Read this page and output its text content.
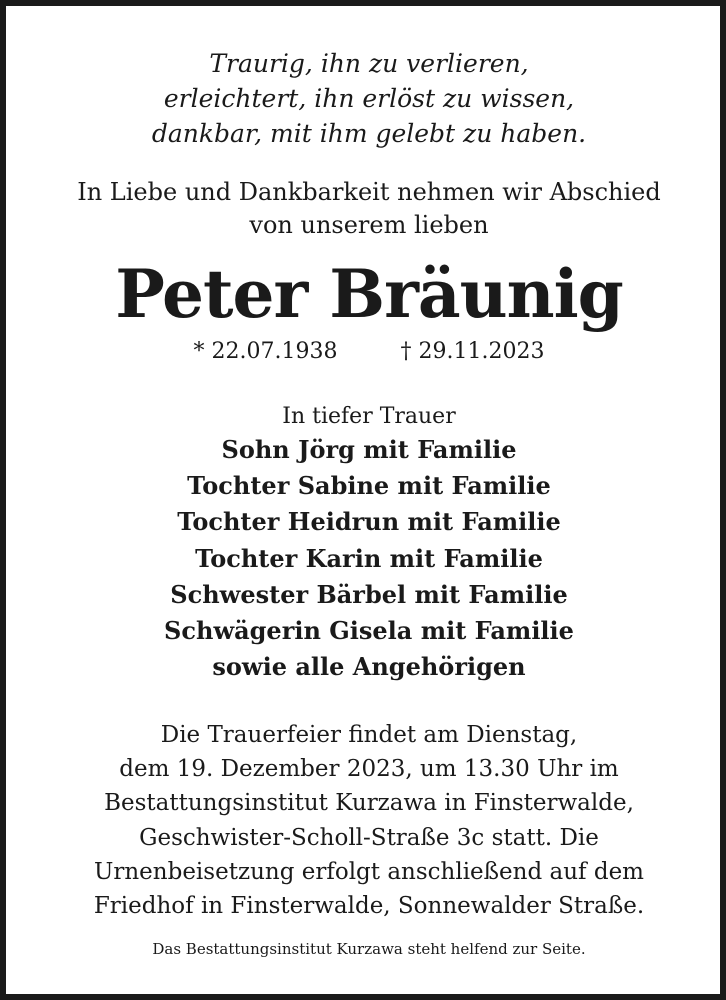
Traurig, ihn zu verlieren,
erleichtert, ihn erlöst zu wissen,
dankbar, mit ihm gelebt zu haben.
In Liebe und Dankbarkeit nehmen wir Abschied
von unserem lieben
Peter Bräunig
* 22.07.1938	† 29.11.2023
In tiefer Trauer
Sohn Jörg mit Familie
Tochter Sabine mit Familie
Tochter Heidrun mit Familie
Tochter Karin mit Familie
Schwester Bärbel mit Familie
Schwägerin Gisela mit Familie
sowie alle Angehörigen
Die Trauerfeier findet am Dienstag,
dem 19. Dezember 2023, um 13.30 Uhr im
Bestattungsinstitut Kurzawa in Finsterwalde,
Geschwister-Scholl-Straße 3c statt. Die
Urnenbeisetzung erfolgt anschließend auf dem
Friedhof in Finsterwalde, Sonnewalder Straße.
Das Bestattungsinstitut Kurzawa steht helfend zur Seite.
